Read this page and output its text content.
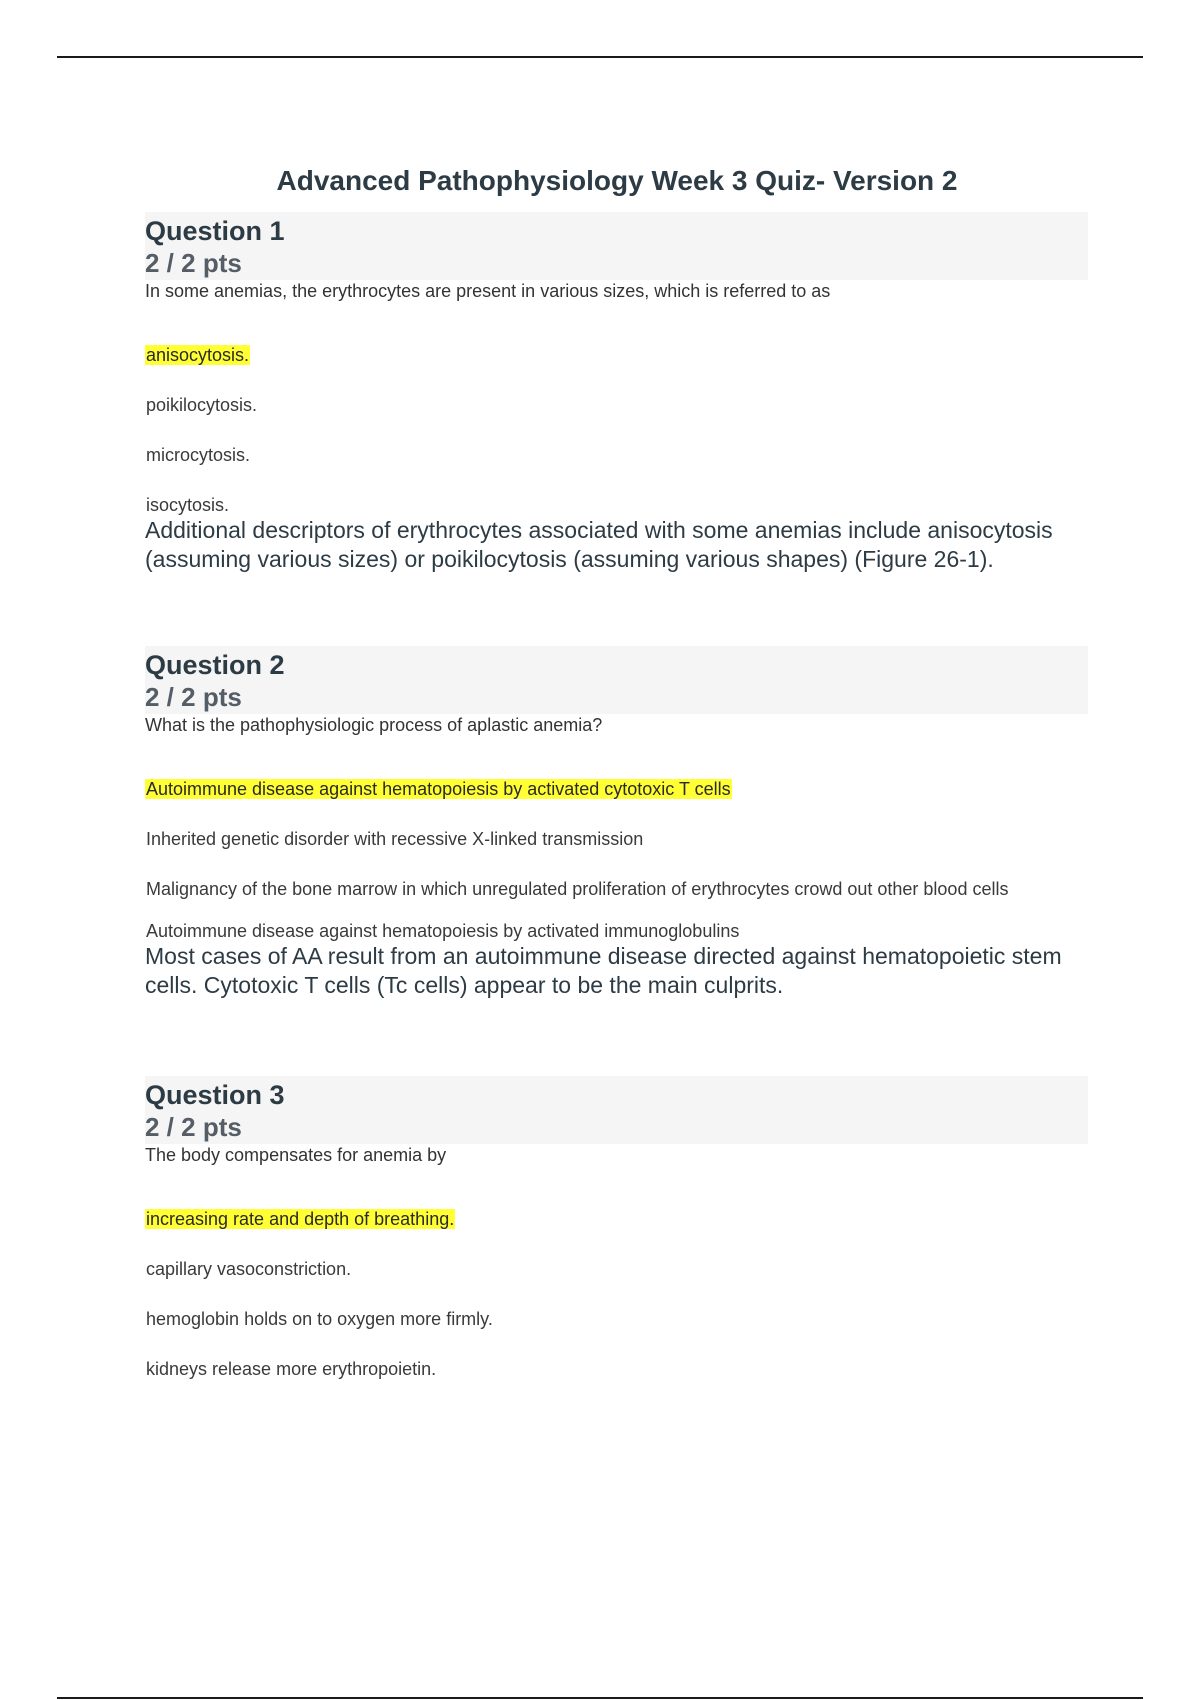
Advanced Pathophysiology Week 3 Quiz- Version 2
Question 1
2 / 2 pts
In some anemias, the erythrocytes are present in various sizes, which is referred to as
anisocytosis.
poikilocytosis.
microcytosis.
isocytosis.
Additional descriptors of erythrocytes associated with some anemias include anisocytosis (assuming various sizes) or poikilocytosis (assuming various shapes) (Figure 26-1).
Question 2
2 / 2 pts
What is the pathophysiologic process of aplastic anemia?
Autoimmune disease against hematopoiesis by activated cytotoxic T cells
Inherited genetic disorder with recessive X-linked transmission
Malignancy of the bone marrow in which unregulated proliferation of erythrocytes crowd out other blood cells
Autoimmune disease against hematopoiesis by activated immunoglobulins
Most cases of AA result from an autoimmune disease directed against hematopoietic stem cells. Cytotoxic T cells (Tc cells) appear to be the main culprits.
Question 3
2 / 2 pts
The body compensates for anemia by
increasing rate and depth of breathing.
capillary vasoconstriction.
hemoglobin holds on to oxygen more firmly.
kidneys release more erythropoietin.
